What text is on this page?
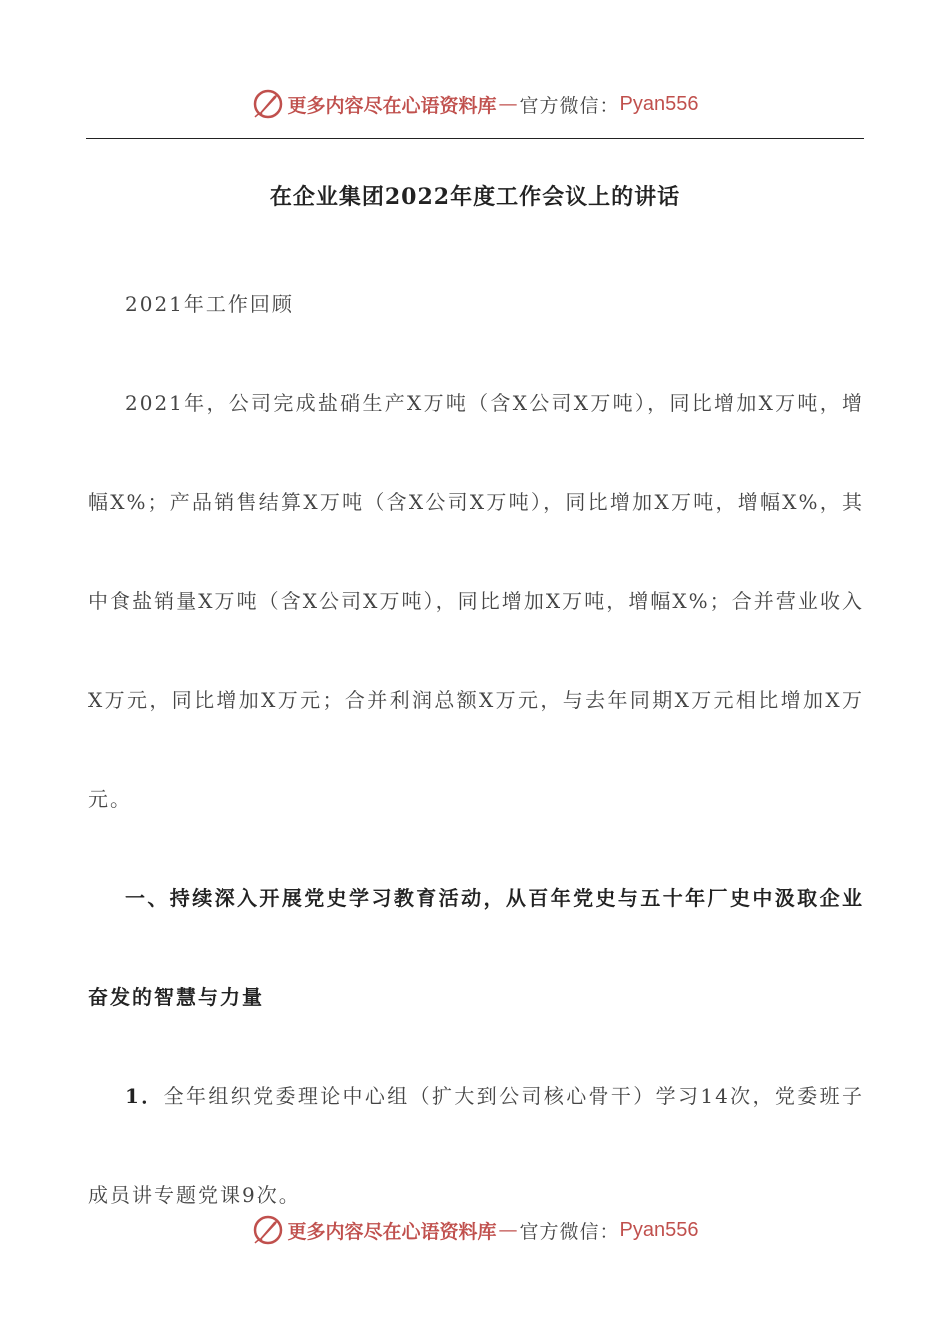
更多内容尽在心语资料库 — 官方微信： Pyan556
在企业集团2022年度工作会议上的讲话

2021年工作回顾

2021年，公司完成盐硝生产X万吨（含X公司X万吨），同比增加X万吨，增幅X%；产品销售结算X万吨（含X公司X万吨），同比增加X万吨，增幅X%，其中食盐销量X万吨（含X公司X万吨），同比增加X万吨，增幅X%；合并营业收入X万元，同比增加X万元；合并利润总额X万元，与去年同期X万元相比增加X万元。

一、持续深入开展党史学习教育活动，从百年党史与五十年厂史中汲取企业奋发的智慧与力量

1．全年组织党委理论中心组（扩大到公司核心骨干）学习14次，党委班子成员讲专题党课9次。

更多内容尽在心语资料库 — 官方微信： Pyan556
